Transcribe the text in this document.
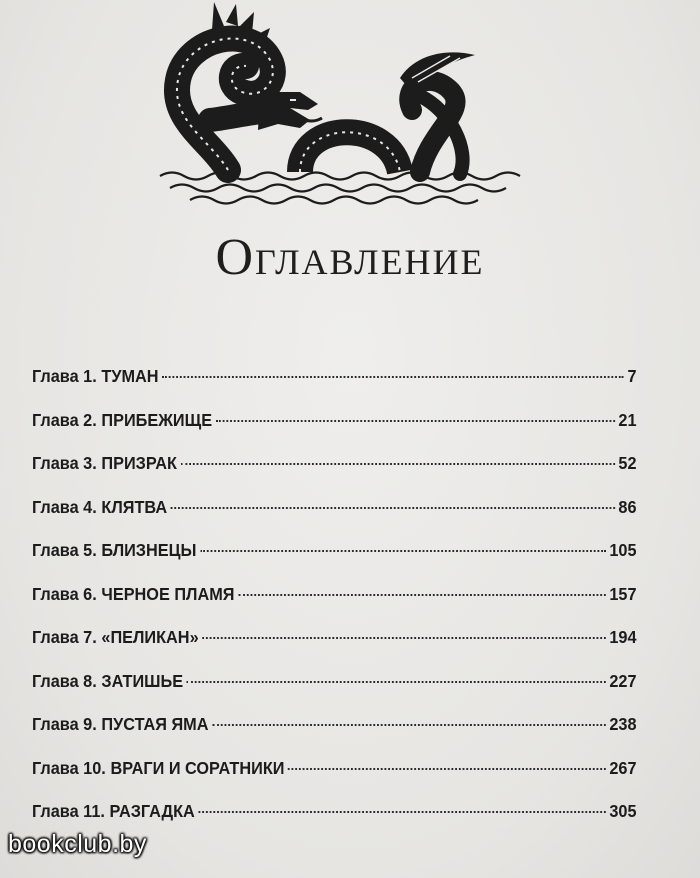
Оглавление
Глава 1. ТУМАН	7
Глава 2. ПРИБЕЖИЩЕ	21
Глава 3. ПРИЗРАК	52
Глава 4. КЛЯТВА	86
Глава 5. БЛИЗНЕЦЫ	105
Глава 6. ЧЕРНОЕ ПЛАМЯ	157
Глава 7. «ПЕЛИКАН»	194
Глава 8. ЗАТИШЬЕ	227
Глава 9. ПУСТАЯ ЯМА	238
Глава 10. ВРАГИ И СОРАТНИКИ	267
Глава 11. РАЗГАДКА	305
bookclub.by
